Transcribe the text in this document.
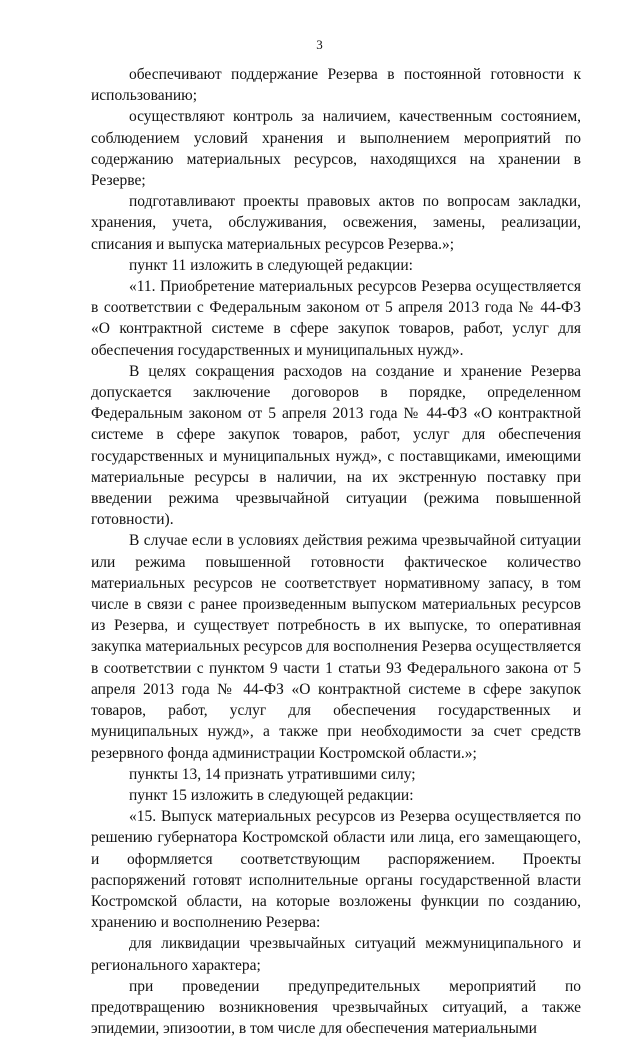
3

обеспечивают поддержание Резерва в постоянной готовности к использованию;

осуществляют контроль за наличием, качественным состоянием, соблюдением условий хранения и выполнением мероприятий по содержанию материальных ресурсов, находящихся на хранении в Резерве;

подготавливают проекты правовых актов по вопросам закладки, хранения, учета, обслуживания, освежения, замены, реализации, списания и выпуска материальных ресурсов Резерва.»;

пункт 11 изложить в следующей редакции:

«11. Приобретение материальных ресурсов Резерва осуществляется в соответствии с Федеральным законом от 5 апреля 2013 года № 44-ФЗ «О контрактной системе в сфере закупок товаров, работ, услуг для обеспечения государственных и муниципальных нужд».

В целях сокращения расходов на создание и хранение Резерва допускается заключение договоров в порядке, определенном Федеральным законом от 5 апреля 2013 года № 44-ФЗ «О контрактной системе в сфере закупок товаров, работ, услуг для обеспечения государственных и муниципальных нужд», с поставщиками, имеющими материальные ресурсы в наличии, на их экстренную поставку при введении режима чрезвычайной ситуации (режима повышенной готовности).

В случае если в условиях действия режима чрезвычайной ситуации или режима повышенной готовности фактическое количество материальных ресурсов не соответствует нормативному запасу, в том числе в связи с ранее произведенным выпуском материальных ресурсов из Резерва, и существует потребность в их выпуске, то оперативная закупка материальных ресурсов для восполнения Резерва осуществляется в соответствии с пунктом 9 части 1 статьи 93 Федерального закона от 5 апреля 2013 года № 44-ФЗ «О контрактной системе в сфере закупок товаров, работ, услуг для обеспечения государственных и муниципальных нужд», а также при необходимости за счет средств резервного фонда администрации Костромской области.»;

пункты 13, 14 признать утратившими силу;

пункт 15 изложить в следующей редакции:

«15. Выпуск материальных ресурсов из Резерва осуществляется по решению губернатора Костромской области или лица, его замещающего, и оформляется соответствующим распоряжением. Проекты распоряжений готовят исполнительные органы государственной власти Костромской области, на которые возложены функции по созданию, хранению и восполнению Резерва:

для ликвидации чрезвычайных ситуаций межмуниципального и регионального характера;

при проведении предупредительных мероприятий по предотвращению возникновения чрезвычайных ситуаций, а также эпидемии, эпизоотии, в том числе для обеспечения материальными
